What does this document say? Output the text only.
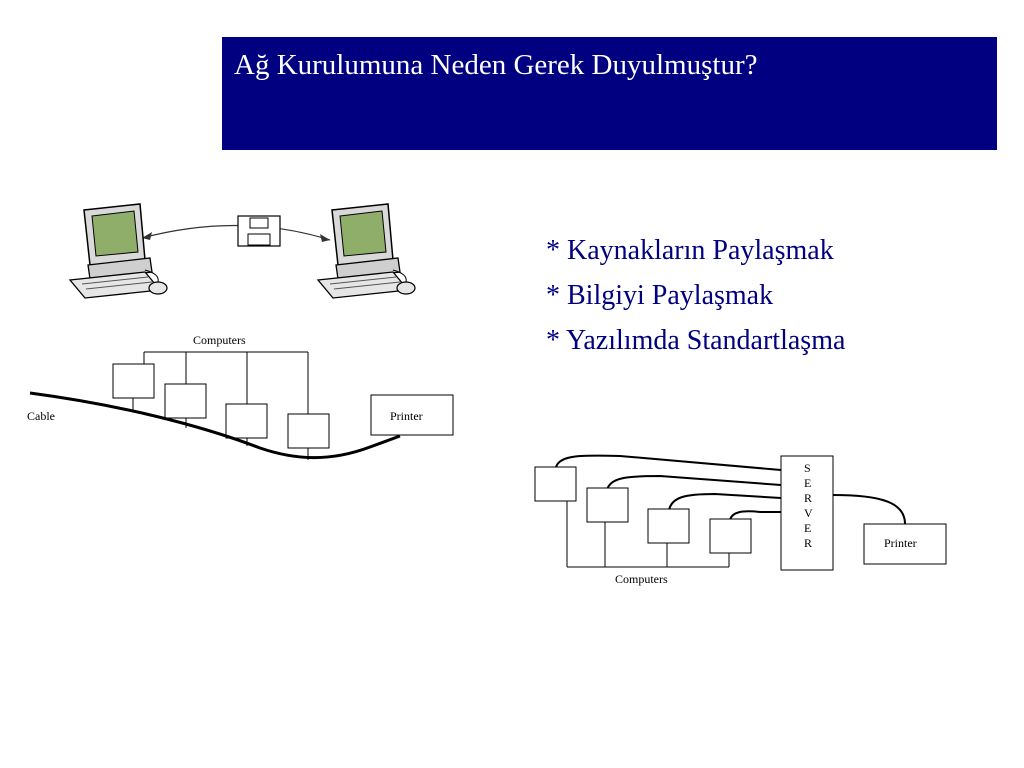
Ağ Kurulumuna Neden Gerek Duyulmuştur?
* Kaynakların Paylaşmak
* Bilgiyi Paylaşmak
* Yazılımda Standartlaşma
Computers
Cable	Printer
Computers
S
E
R
V
E
R	Printer
